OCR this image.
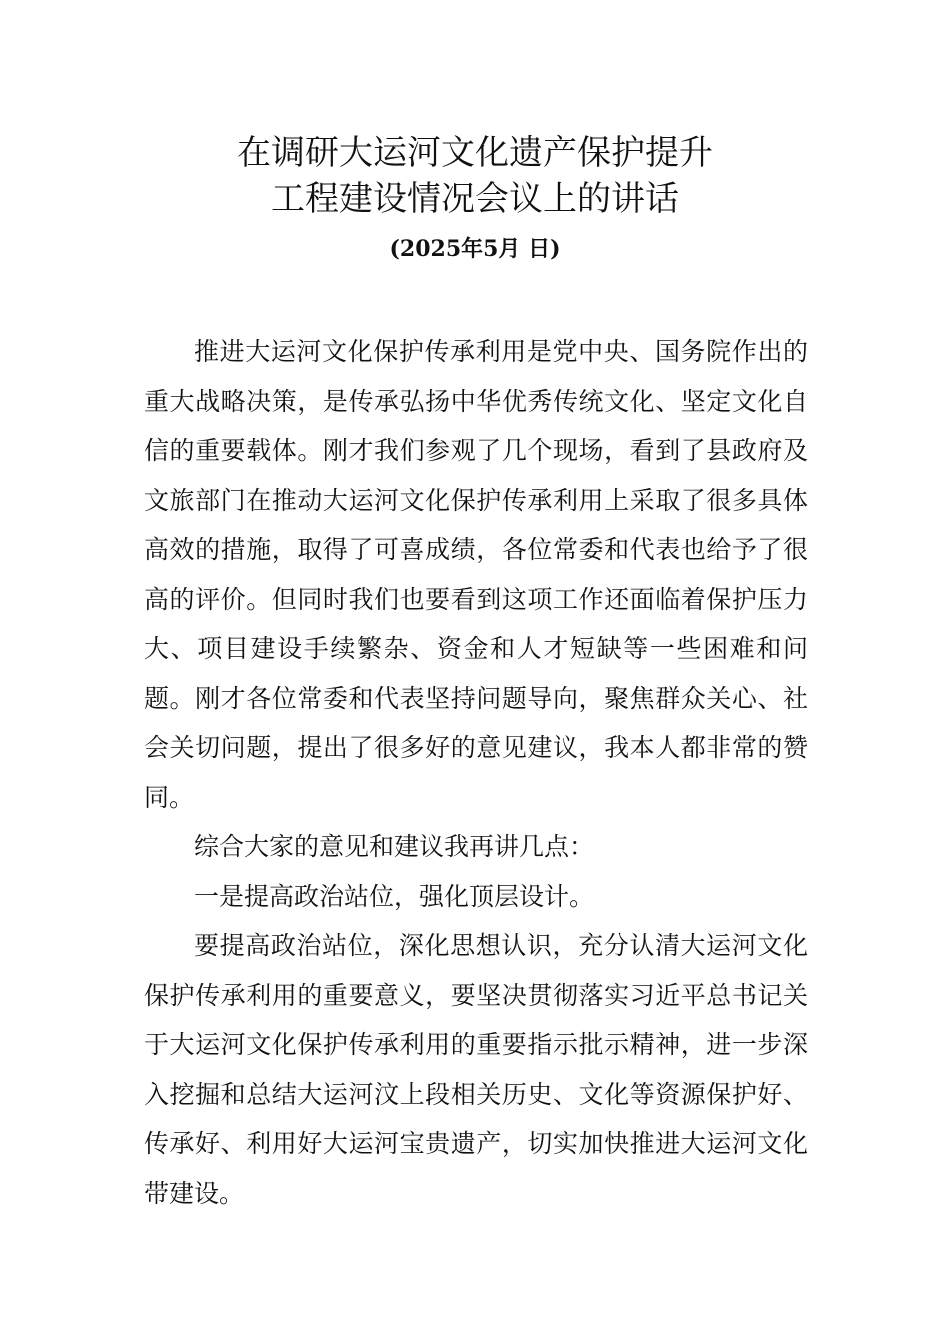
在调研大运河文化遗产保护提升
工程建设情况会议上的讲话
(2025年5月 日)

推进大运河文化保护传承利用是党中央、国务院作出的重大战略决策，是传承弘扬中华优秀传统文化、坚定文化自信的重要载体。刚才我们参观了几个现场，看到了县政府及文旅部门在推动大运河文化保护传承利用上采取了很多具体高效的措施，取得了可喜成绩，各位常委和代表也给予了很高的评价。但同时我们也要看到这项工作还面临着保护压力大、项目建设手续繁杂、资金和人才短缺等一些困难和问题。刚才各位常委和代表坚持问题导向，聚焦群众关心、社会关切问题，提出了很多好的意见建议，我本人都非常的赞同。

综合大家的意见和建议我再讲几点：

一是提高政治站位，强化顶层设计。

要提高政治站位，深化思想认识，充分认清大运河文化保护传承利用的重要意义，要坚决贯彻落实习近平总书记关于大运河文化保护传承利用的重要指示批示精神，进一步深入挖掘和总结大运河汶上段相关历史、文化等资源保护好、传承好、利用好大运河宝贵遗产，切实加快推进大运河文化带建设。
